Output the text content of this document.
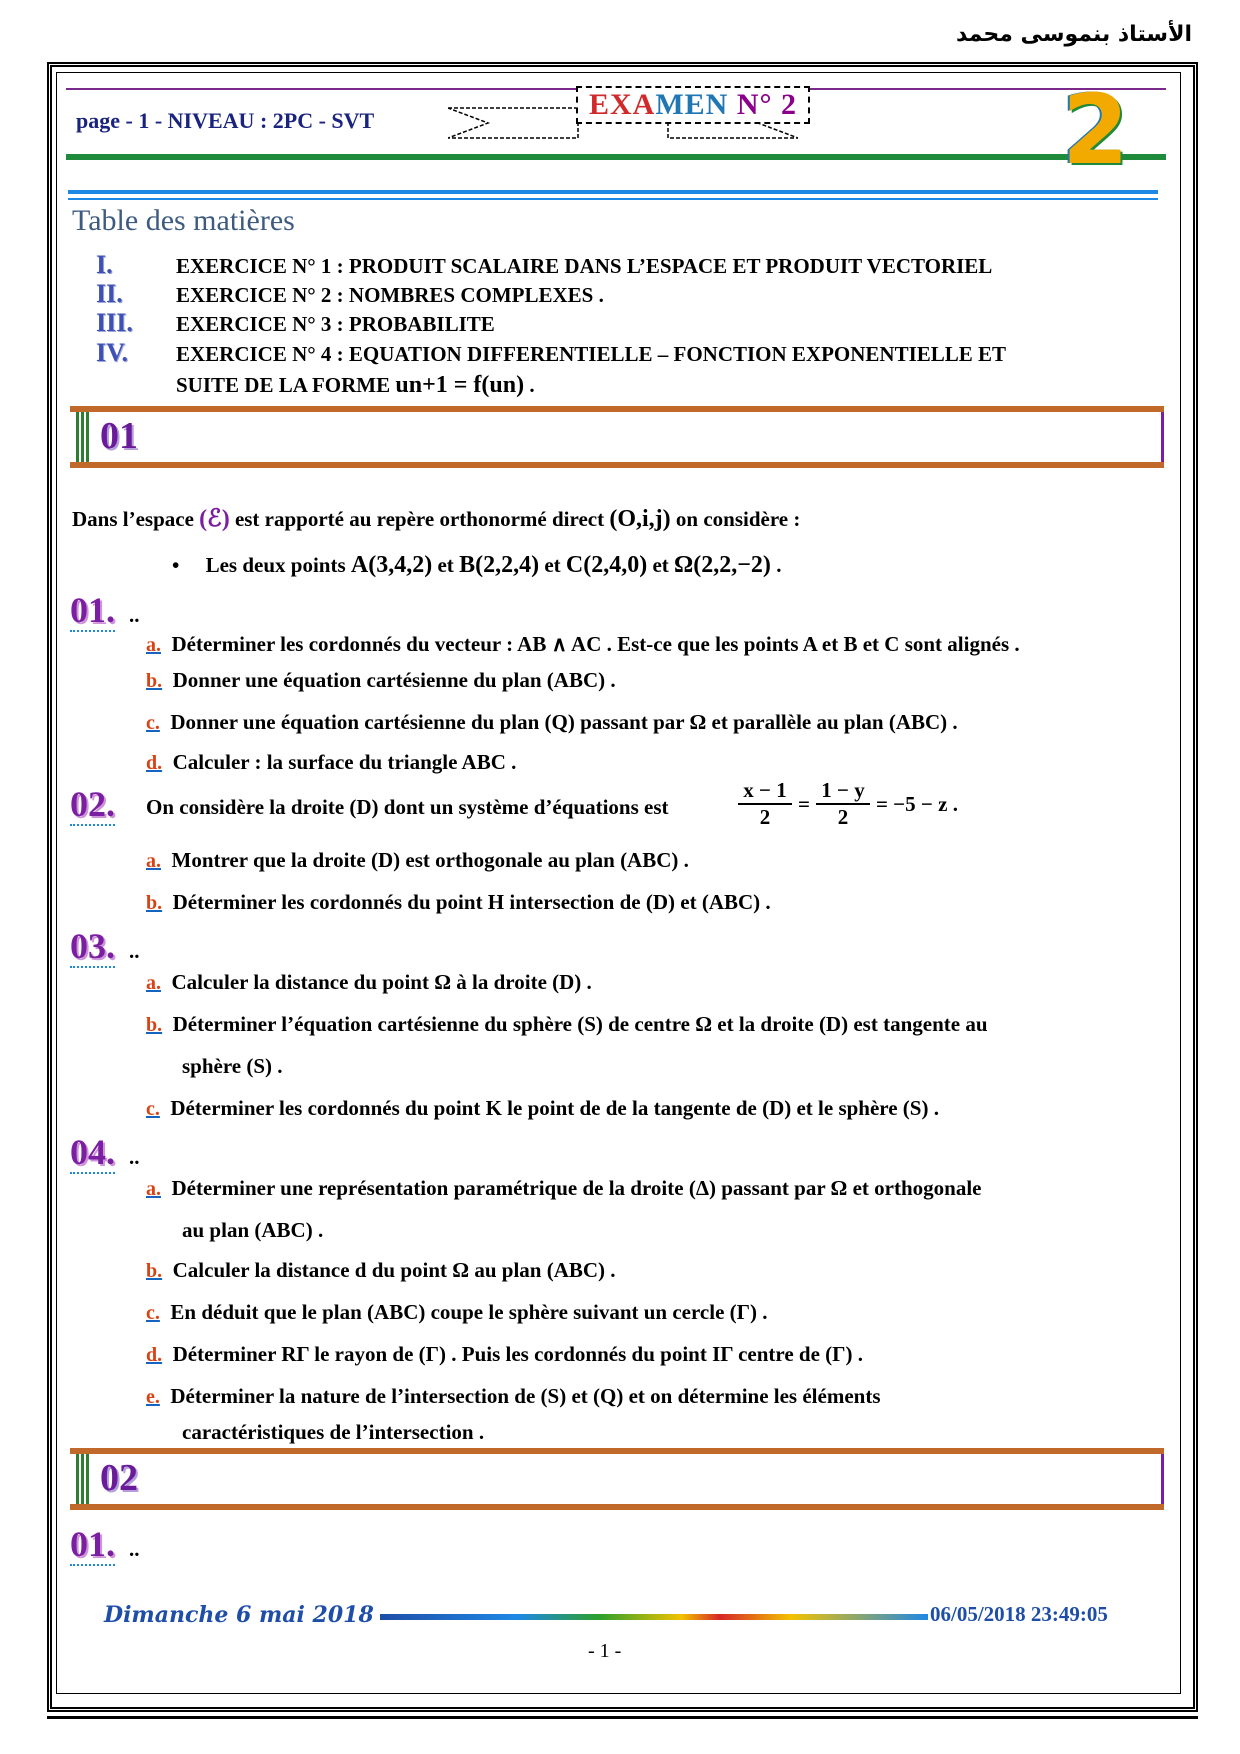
الأستاذ بنموسى محمد
page - 1 - NIVEAU : 2PC - SVT	EXAMEN N° 2	2
Table des matières
I.	EXERCICE N° 1 : PRODUIT SCALAIRE DANS L’ESPACE ET PRODUIT VECTORIEL
II.	EXERCICE N° 2 : NOMBRES COMPLEXES .
III. EXERCICE N° 3 : PROBABILITE
IV. EXERCICE N° 4 : EQUATION DIFFERENTIELLE – FONCTION EXPONENTIELLE ET
SUITE DE LA FORME un+1 = f(un) .
01
Dans l’espace (ℰ) est rapporté au repère orthonormé direct (O,i,j) on considère :
•     Les deux points A(3,4,2) et B(2,2,4) et C(2,4,0) et Ω(2,2,−2) .
01. ..
a. Déterminer les cordonnés du vecteur : AB ∧ AC . Est-ce que les points A et B et C sont alignés .
b. Donner une équation cartésienne du plan (ABC) .
c. Donner une équation cartésienne du plan (Q) passant par Ω et parallèle au plan (ABC) .
d. Calculer : la surface du triangle ABC .
02. On considère la droite (D) dont un système d’équations est	$\frac{x - 1}{2} = \frac{1 - y}{2} = -5 - z$ .
a. Montrer que la droite (D) est orthogonale au plan (ABC) .
b. Déterminer les cordonnés du point H intersection de (D) et (ABC) .
03. ..
a. Calculer la distance du point Ω à la droite (D) .
b. Déterminer l’équation cartésienne du sphère (S) de centre Ω et la droite (D) est tangente au
sphère (S) .
c. Déterminer les cordonnés du point K le point de de la tangente de (D) et le sphère (S) .
04. ..
a. Déterminer une représentation paramétrique de la droite (Δ) passant par Ω et orthogonale
au plan (ABC) .
b. Calculer la distance d du point Ω au plan (ABC) .
c. En déduit que le plan (ABC) coupe le sphère suivant un cercle (Γ) .
d. Déterminer RΓ le rayon de (Γ) . Puis les cordonnés du point IΓ centre de (Γ) .
e. Déterminer la nature de l’intersection de (S) et (Q) et on détermine les éléments
caractéristiques de l’intersection .
02
01. ..
Dimanche 6 mai 2018	06/05/2018 23:49:05
- 1 -
